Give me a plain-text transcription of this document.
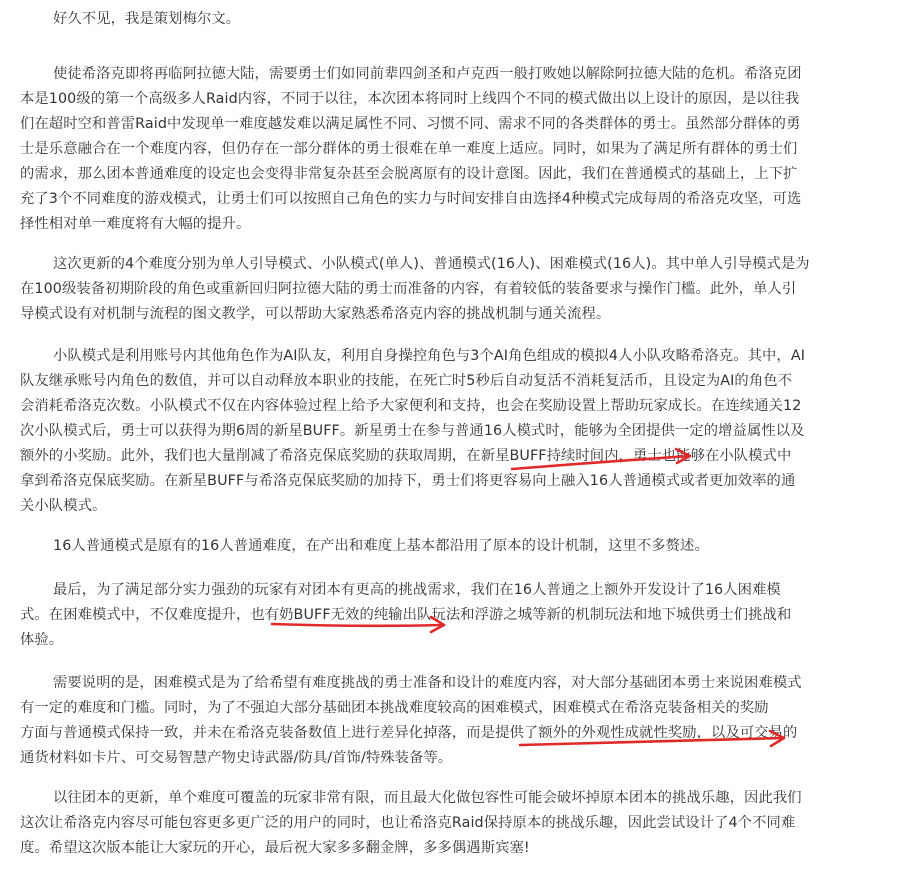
好久不见，我是策划梅尔文。
使徒希洛克即将再临阿拉德大陆，需要勇士们如同前辈四剑圣和卢克西一般打败她以解除阿拉德大陆的危机。希洛克团
本是100级的第一个高级多人Raid内容，不同于以往，本次团本将同时上线四个不同的模式做出以上设计的原因，是以往我
们在超时空和普雷Raid中发现单一难度越发难以满足属性不同、习惯不同、需求不同的各类群体的勇士。虽然部分群体的勇
士是乐意融合在一个难度内容，但仍存在一部分群体的勇士很难在单一难度上适应。同时，如果为了满足所有群体的勇士们
的需求，那么团本普通难度的设定也会变得非常复杂甚至会脱离原有的设计意图。因此，我们在普通模式的基础上，上下扩
充了3个不同难度的游戏模式，让勇士们可以按照自己角色的实力与时间安排自由选择4种模式完成每周的希洛克攻坚，可选
择性相对单一难度将有大幅的提升。
这次更新的4个难度分别为单人引导模式、小队模式(单人)、普通模式(16人)、困难模式(16人)。其中单人引导模式是为
在100级装备初期阶段的角色或重新回归阿拉德大陆的勇士而准备的内容，有着较低的装备要求与操作门槛。此外，单人引
导模式设有对机制与流程的图文教学，可以帮助大家熟悉希洛克内容的挑战机制与通关流程。
小队模式是利用账号内其他角色作为AI队友，利用自身操控角色与3个AI角色组成的模拟4人小队攻略希洛克。其中，AI
队友继承账号内角色的数值，并可以自动释放本职业的技能，在死亡时5秒后自动复活不消耗复活币，且设定为AI的角色不
会消耗希洛克次数。小队模式不仅在内容体验过程上给予大家便利和支持，也会在奖励设置上帮助玩家成长。在连续通关12
次小队模式后，勇士可以获得为期6周的新星BUFF。新星勇士在参与普通16人模式时，能够为全团提供一定的增益属性以及
额外的小奖励。此外，我们也大量削减了希洛克保底奖励的获取周期，在新星BUFF持续时间内，勇士也能够在小队模式中
拿到希洛克保底奖励。在新星BUFF与希洛克保底奖励的加持下，勇士们将更容易向上融入16人普通模式或者更加效率的通
关小队模式。
16人普通模式是原有的16人普通难度，在产出和难度上基本都沿用了原本的设计机制，这里不多赘述。
最后，为了满足部分实力强劲的玩家有对团本有更高的挑战需求，我们在16人普通之上额外开发设计了16人困难模
式。在困难模式中，不仅难度提升，也有奶BUFF无效的纯输出队玩法和浮游之城等新的机制玩法和地下城供勇士们挑战和
体验。
需要说明的是，困难模式是为了给希望有难度挑战的勇士准备和设计的难度内容，对大部分基础团本勇士来说困难模式
有一定的难度和门槛。同时，为了不强迫大部分基础团本挑战难度较高的困难模式，困难模式在希洛克装备相关的奖励
方面与普通模式保持一致，并未在希洛克装备数值上进行差异化掉落，而是提供了额外的外观性成就性奖励，以及可交易的
通货材料如卡片、可交易智慧产物史诗武器/防具/首饰/特殊装备等。
以往团本的更新，单个难度可覆盖的玩家非常有限，而且最大化做包容性可能会破坏掉原本团本的挑战乐趣，因此我们
这次让希洛克内容尽可能包容更多更广泛的用户的同时，也让希洛克Raid保持原本的挑战乐趣，因此尝试设计了4个不同难
度。希望这次版本能让大家玩的开心，最后祝大家多多翻金牌，多多偶遇斯宾塞!
